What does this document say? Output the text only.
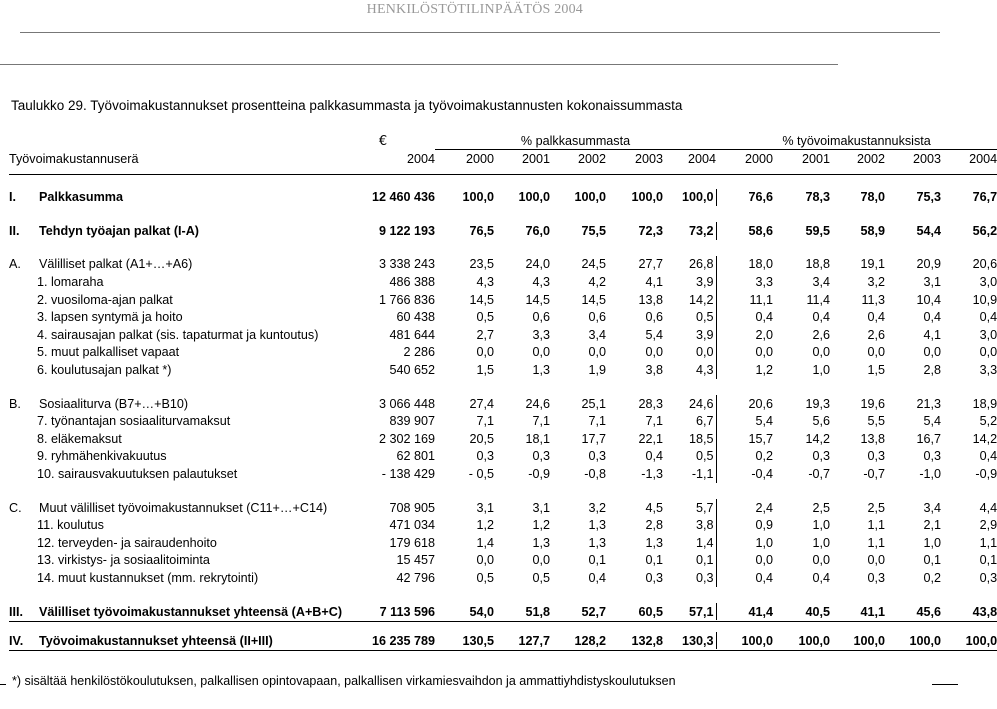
HENKILÖSTÖTILINPÄÄTÖS 2004
Taulukko 29. Työvoimakustannukset prosentteina palkkasummasta ja työvoimakustannusten kokonaissummasta
		€	% palkkasummasta					% työvoimakustannuksista				
Työvoimakustannuserä		2004	2000	2001	2002	2003	2004	2000	2001	2002	2003	2004

I.	Palkkasumma	12 460 436	100,0	100,0	100,0	100,0	100,0	76,6	78,3	78,0	75,3	76,7

II.	Tehdyn työajan palkat (I-A)	9 122 193	76,5	76,0	75,5	72,3	73,2	58,6	59,5	58,9	54,4	56,2

A.	Välilliset palkat (A1+…+A6)	3 338 243	23,5	24,0	24,5	27,7	26,8	18,0	18,8	19,1	20,9	20,6
1. lomaraha		486 388	4,3	4,3	4,2	4,1	3,9	3,3	3,4	3,2	3,1	3,0
2. vuosiloma-ajan palkat		1 766 836	14,5	14,5	14,5	13,8	14,2	11,1	11,4	11,3	10,4	10,9
3. lapsen syntymä ja hoito		60 438	0,5	0,6	0,6	0,6	0,5	0,4	0,4	0,4	0,4	0,4
4. sairausajan palkat (sis. tapaturmat ja kuntoutus)		481 644	2,7	3,3	3,4	5,4	3,9	2,0	2,6	2,6	4,1	3,0
5. muut palkalliset vapaat		2 286	0,0	0,0	0,0	0,0	0,0	0,0	0,0	0,0	0,0	0,0
6. koulutusajan palkat *)		540 652	1,5	1,3	1,9	3,8	4,3	1,2	1,0	1,5	2,8	3,3

B.	Sosiaaliturva (B7+…+B10)	3 066 448	27,4	24,6	25,1	28,3	24,6	20,6	19,3	19,6	21,3	18,9
7. työnantajan sosiaaliturvamaksut		839 907	7,1	7,1	7,1	7,1	6,7	5,4	5,6	5,5	5,4	5,2
8. eläkemaksut		2 302 169	20,5	18,1	17,7	22,1	18,5	15,7	14,2	13,8	16,7	14,2
9. ryhmähenkivakuutus		62 801	0,3	0,3	0,3	0,4	0,5	0,2	0,3	0,3	0,3	0,4
10. sairausvakuutuksen palautukset		- 138 429	- 0,5	-0,9	-0,8	-1,3	-1,1	-0,4	-0,7	-0,7	-1,0	-0,9

C.	Muut välilliset työvoimakustannukset (C11+…+C14)	708 905	3,1	3,1	3,2	4,5	5,7	2,4	2,5	2,5	3,4	4,4
11. koulutus		471 034	1,2	1,2	1,3	2,8	3,8	0,9	1,0	1,1	2,1	2,9
12. terveyden- ja sairaudenhoito		179 618	1,4	1,3	1,3	1,3	1,4	1,0	1,0	1,1	1,0	1,1
13. virkistys- ja sosiaalitoiminta		15 457	0,0	0,0	0,1	0,1	0,1	0,0	0,0	0,0	0,1	0,1
14. muut kustannukset (mm. rekrytointi)		42 796	0,5	0,5	0,4	0,3	0,3	0,4	0,4	0,3	0,2	0,3

III.	Välilliset työvoimakustannukset yhteensä (A+B+C)	7 113 596	54,0	51,8	52,7	60,5	57,1	41,4	40,5	41,1	45,6	43,8

IV.	Työvoimakustannukset yhteensä (II+III)	16 235 789	130,5	127,7	128,2	132,8	130,3	100,0	100,0	100,0	100,0	100,0

*) sisältää henkilöstökoulutuksen, palkallisen opintovapaan, palkallisen virkamiesvaihdon ja ammattiyhdistyskoulutuksen
